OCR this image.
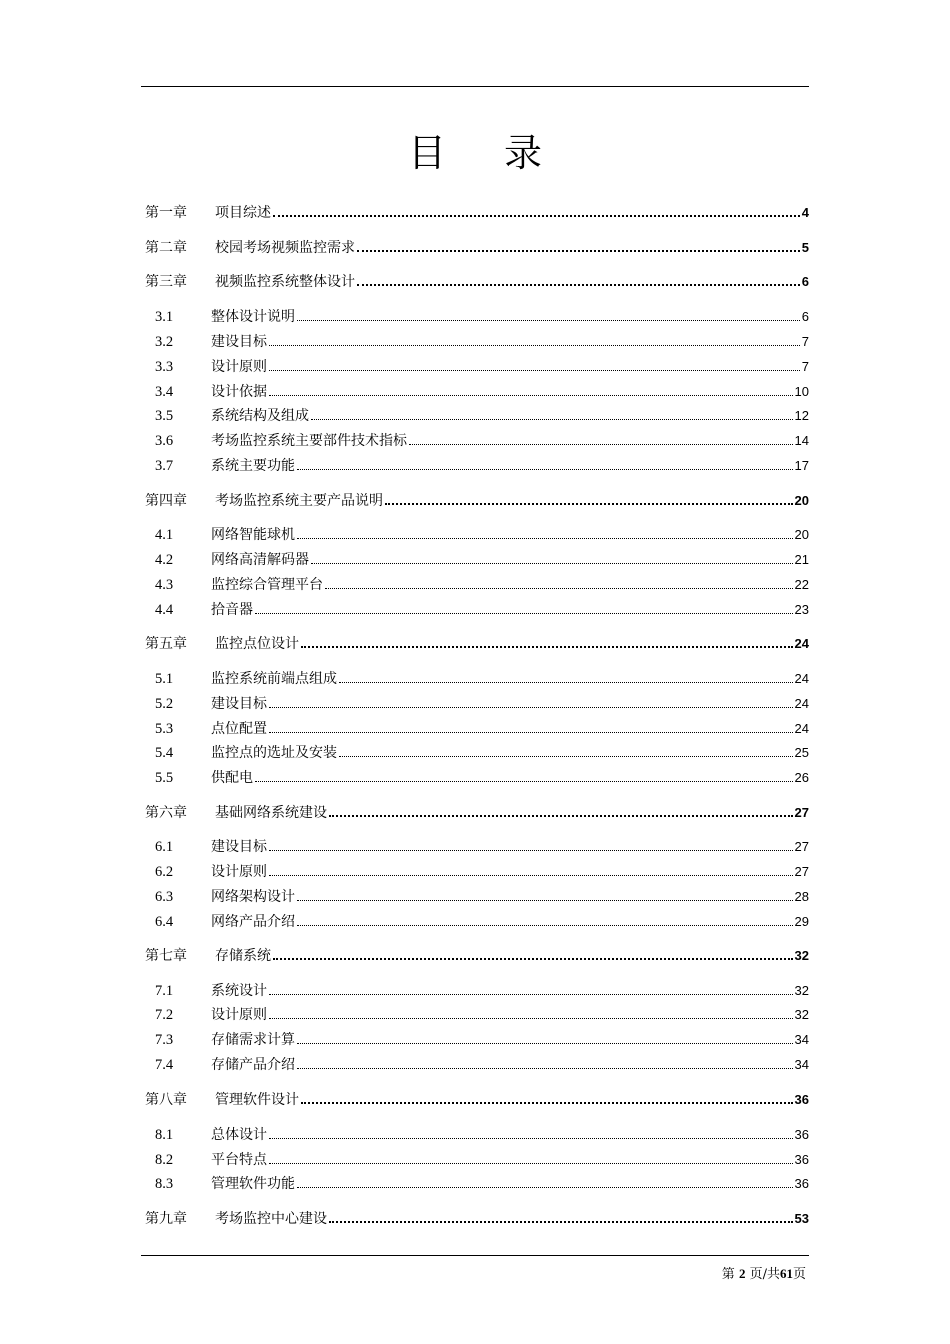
目 录
第一章	项目综述	4
第二章	校园考场视频监控需求	5
第三章	视频监控系统整体设计	6
3.1	整体设计说明	6
3.2	建设目标	7
3.3	设计原则	7
3.4	设计依据	10
3.5	系统结构及组成	12
3.6	考场监控系统主要部件技术指标	14
3.7	系统主要功能	17
第四章	考场监控系统主要产品说明	20
4.1	网络智能球机	20
4.2	网络高清解码器	21
4.3	监控综合管理平台	22
4.4	拾音器	23
第五章	监控点位设计	24
5.1	监控系统前端点组成	24
5.2	建设目标	24
5.3	点位配置	24
5.4	监控点的选址及安装	25
5.5	供配电	26
第六章	基础网络系统建设	27
6.1	建设目标	27
6.2	设计原则	27
6.3	网络架构设计	28
6.4	网络产品介绍	29
第七章	存储系统	32
7.1	系统设计	32
7.2	设计原则	32
7.3	存储需求计算	34
7.4	存储产品介绍	34
第八章	管理软件设计	36
8.1	总体设计	36
8.2	平台特点	36
8.3	管理软件功能	36
第九章	考场监控中心建设	53
第 2 页/共61页
